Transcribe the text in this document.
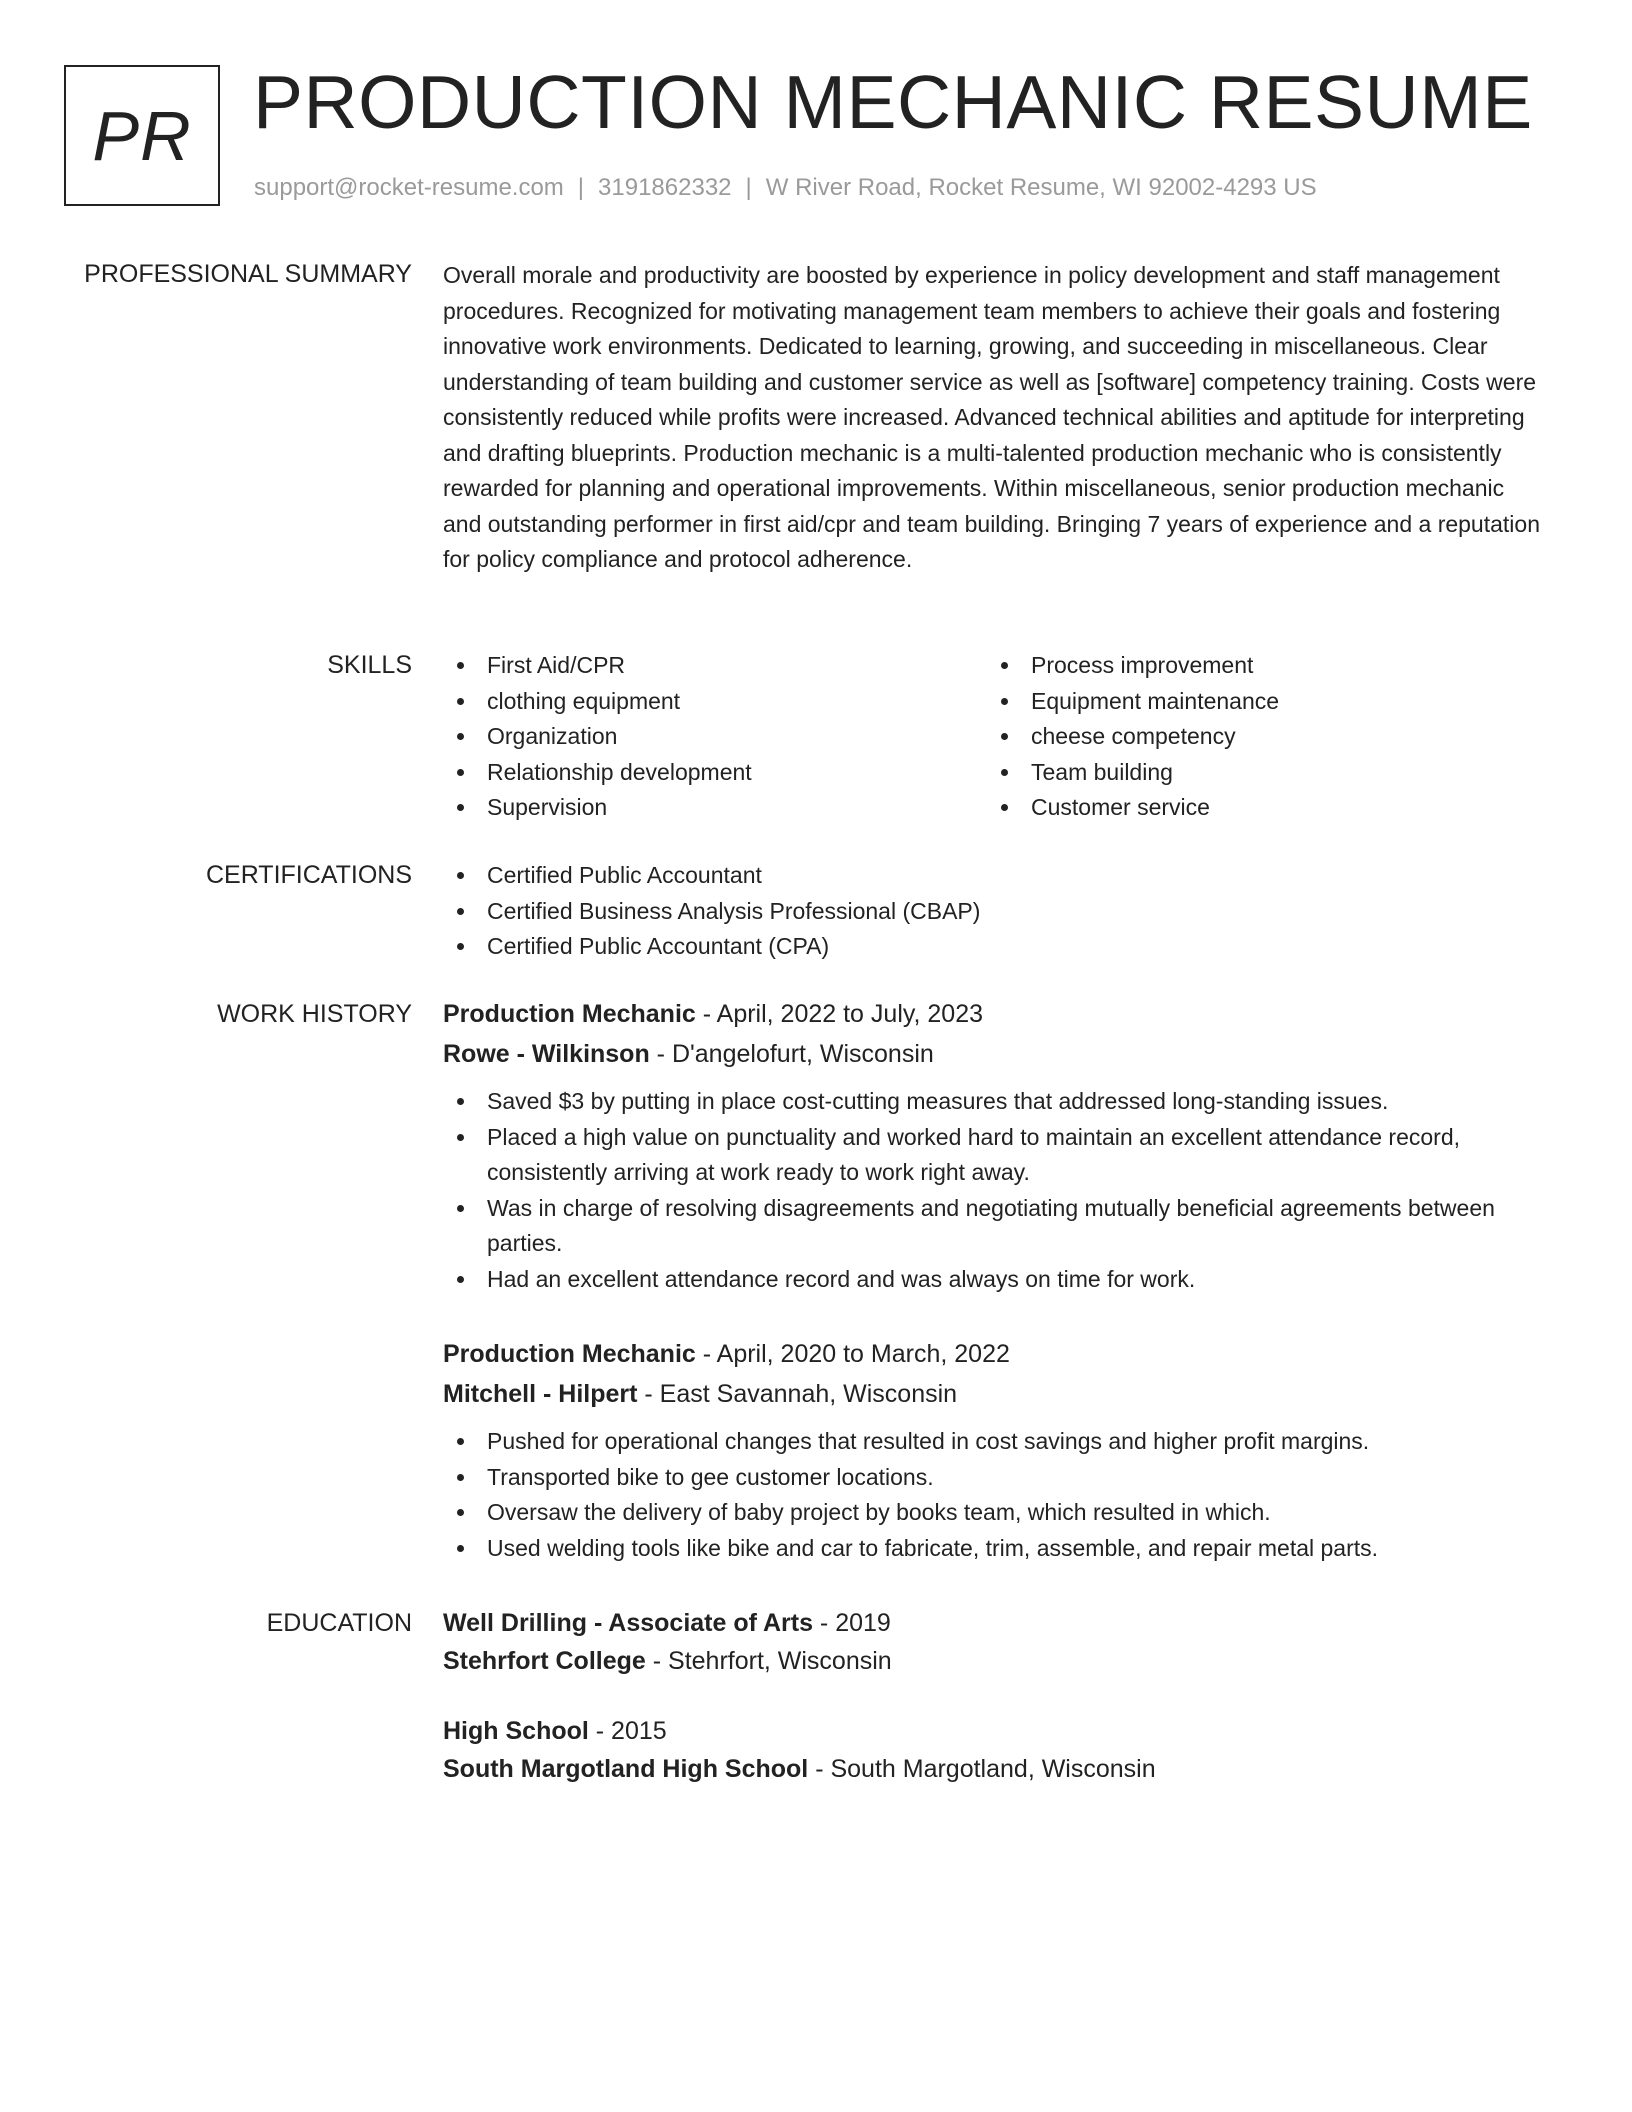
PR PRODUCTION MECHANIC RESUME
support@rocket-resume.com | 3191862332 | W River Road, Rocket Resume, WI 92002-4293 US
PROFESSIONAL SUMMARY Overall morale and productivity are boosted by experience in policy development and staff management procedures. Recognized for motivating management team members to achieve their goals and fostering innovative work environments. Dedicated to learning, growing, and succeeding in miscellaneous. Clear understanding of team building and customer service as well as [software] competency training. Costs were consistently reduced while profits were increased. Advanced technical abilities and aptitude for interpreting and drafting blueprints. Production mechanic is a multi-talented production mechanic who is consistently rewarded for planning and operational improvements. Within miscellaneous, senior production mechanic and outstanding performer in first aid/cpr and team building. Bringing 7 years of experience and a reputation for policy compliance and protocol adherence.

SKILLS	First Aid/CPR
clothing equipment
Organization
Relationship development
Supervision
Process improvement
Equipment maintenance
cheese competency
Team building
Customer service
CERTIFICATIONS	Certified Public Accountant
Certified Business Analysis Professional (CBAP)
Certified Public Accountant (CPA)
WORK HISTORY Production Mechanic - April, 2022 to July, 2023
Rowe - Wilkinson - D'angelofurt, Wisconsin
Saved $3 by putting in place cost-cutting measures that addressed long-standing issues.
Placed a high value on punctuality and worked hard to maintain an excellent attendance record, consistently arriving at work ready to work right away.
Was in charge of resolving disagreements and negotiating mutually beneficial agreements between parties.
Had an excellent attendance record and was always on time for work.
Production Mechanic - April, 2020 to March, 2022
Mitchell - Hilpert - East Savannah, Wisconsin
Pushed for operational changes that resulted in cost savings and higher profit margins.
Transported bike to gee customer locations.
Oversaw the delivery of baby project by books team, which resulted in which.
Used welding tools like bike and car to fabricate, trim, assemble, and repair metal parts.
EDUCATION Well Drilling - Associate of Arts - 2019
Stehrfort College - Stehrfort, Wisconsin
High School - 2015
South Margotland High School - South Margotland, Wisconsin
